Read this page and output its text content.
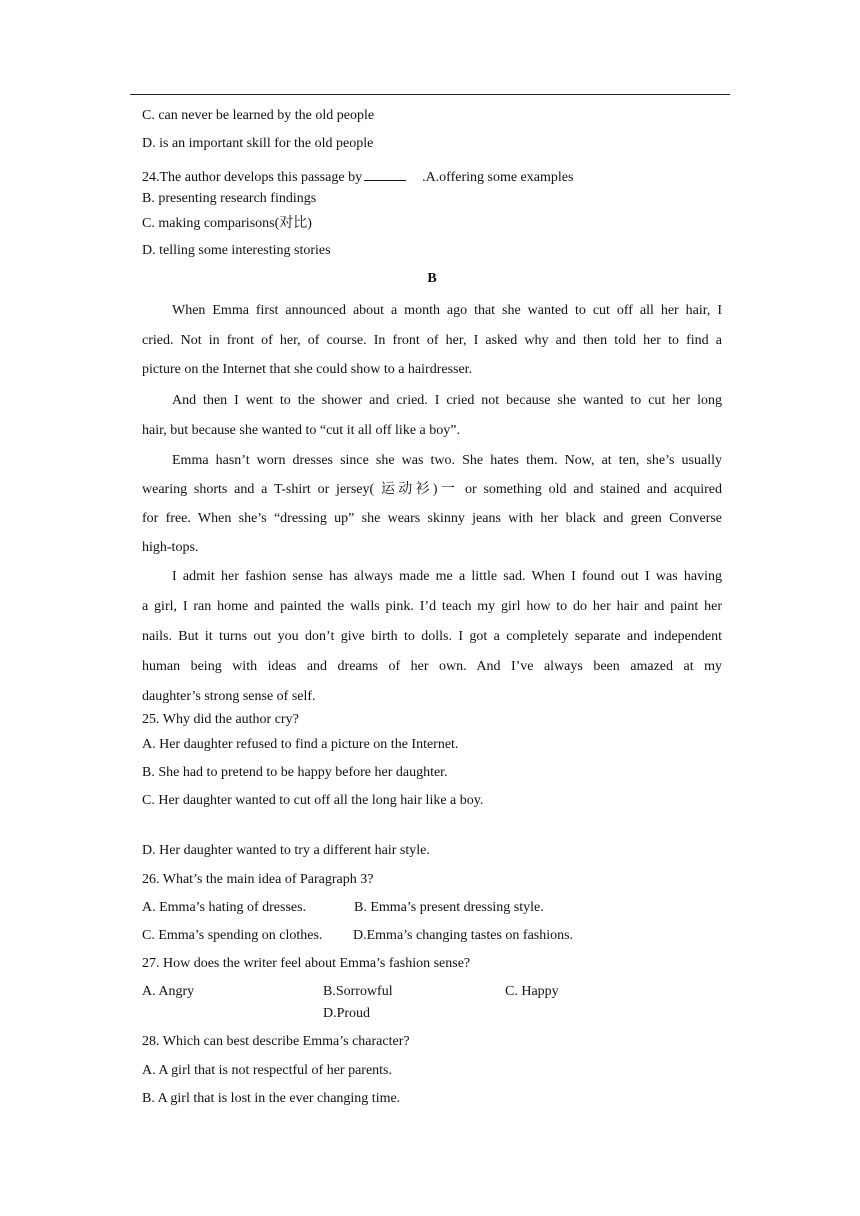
C. can never be learned by the old people
D. is an important skill for the old people
24.The author develops this passage by	.A.offering some examples
B. presenting research findings
C. making comparisons(对比)
D. telling some interesting stories
B
When Emma first announced about a month ago that she wanted to cut off all her hair, I
cried. Not in front of her, of course. In front of her, I asked why and then told her to find a
picture on the Internet that she could show to a hairdresser.
And then I went to the shower and cried. I cried not because she wanted to cut her long
hair, but because she wanted to “cut it all off like a boy”.
Emma hasn’t worn dresses since she was two. She hates them. Now, at ten, she’s usually
wearing shorts and a T-shirt or jersey( 运动衫)一 or something old and stained and acquired
for free. When she’s “dressing up” she wears skinny jeans with her black and green Converse
high-tops.
I admit her fashion sense has always made me a little sad. When I found out I was having
a girl, I ran home and painted the walls pink. I’d teach my girl how to do her hair and paint her
nails. But it turns out you don’t give birth to dolls. I got a completely separate and independent
human being with ideas and dreams of her own. And I’ve always been amazed at my
daughter’s strong sense of self.
25. Why did the author cry?
A. Her daughter refused to find a picture on the Internet.
B. She had to pretend to be happy before her daughter.
C. Her daughter wanted to cut off all the long hair like a boy.
D. Her daughter wanted to try a different hair style.
26. What’s the main idea of Paragraph 3?
A. Emma’s hating of dresses.	B. Emma’s present dressing style.
C. Emma’s spending on clothes. D.Emma’s changing tastes on fashions.
27. How does the writer feel about Emma’s fashion sense?
A. Angry	B.Sorrowful	C. Happy
D.Proud
28. Which can best describe Emma’s character?
A. A girl that is not respectful of her parents.
B. A girl that is lost in the ever changing time.
